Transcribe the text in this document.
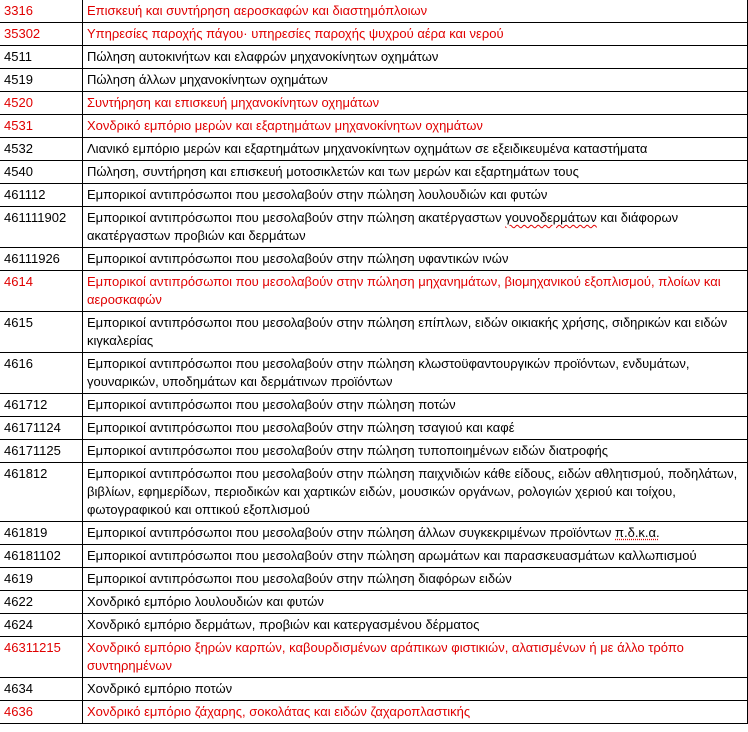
3316	Επισκευή και συντήρηση αεροσκαφών και διαστημόπλοιων
35302	Υπηρεσίες παροχής πάγου· υπηρεσίες παροχής ψυχρού αέρα και νερού
4511	Πώληση αυτοκινήτων και ελαφρών μηχανοκίνητων οχημάτων
4519	Πώληση άλλων μηχανοκίνητων οχημάτων
4520	Συντήρηση και επισκευή μηχανοκίνητων οχημάτων
4531	Χονδρικό εμπόριο μερών και εξαρτημάτων μηχανοκίνητων οχημάτων
4532	Λιανικό εμπόριο μερών και εξαρτημάτων μηχανοκίνητων οχημάτων σε εξειδικευμένα καταστήματα
4540	Πώληση, συντήρηση και επισκευή μοτοσικλετών και των μερών και εξαρτημάτων τους
461112	Εμπορικοί αντιπρόσωποι που μεσολαβούν στην πώληση λουλουδιών και φυτών
461111902	Εμπορικοί αντιπρόσωποι που μεσολαβούν στην πώληση ακατέργαστων γουνοδερμάτων και διάφορων ακατέργαστων προβιών και δερμάτων
46111926	Εμπορικοί αντιπρόσωποι που μεσολαβούν στην πώληση υφαντικών ινών
4614	Εμπορικοί αντιπρόσωποι που μεσολαβούν στην πώληση μηχανημάτων, βιομηχανικού εξοπλισμού, πλοίων και αεροσκαφών
4615	Εμπορικοί αντιπρόσωποι που μεσολαβούν στην πώληση επίπλων, ειδών οικιακής χρήσης, σιδηρικών και ειδών κιγκαλερίας
4616	Εμπορικοί αντιπρόσωποι που μεσολαβούν στην πώληση κλωστοϋφαντουργικών προϊόντων, ενδυμάτων, γουναρικών, υποδημάτων και δερμάτινων προϊόντων
461712	Εμπορικοί αντιπρόσωποι που μεσολαβούν στην πώληση ποτών
46171124	Εμπορικοί αντιπρόσωποι που μεσολαβούν στην πώληση τσαγιού και καφέ
46171125	Εμπορικοί αντιπρόσωποι που μεσολαβούν στην πώληση τυποποιημένων ειδών διατροφής
461812	Εμπορικοί αντιπρόσωποι που μεσολαβούν στην πώληση παιχνιδιών κάθε είδους, ειδών αθλητισμού, ποδηλάτων, βιβλίων, εφημερίδων, περιοδικών και χαρτικών ειδών, μουσικών οργάνων, ρολογιών χεριού και τοίχου, φωτογραφικού και οπτικού εξοπλισμού
461819	Εμπορικοί αντιπρόσωποι που μεσολαβούν στην πώληση άλλων συγκεκριμένων προϊόντων π.δ.κ.α.
46181102	Εμπορικοί αντιπρόσωποι που μεσολαβούν στην πώληση αρωμάτων και παρασκευασμάτων καλλωπισμού
4619	Εμπορικοί αντιπρόσωποι που μεσολαβούν στην πώληση διαφόρων ειδών
4622	Χονδρικό εμπόριο λουλουδιών και φυτών
4624	Χονδρικό εμπόριο δερμάτων, προβιών και κατεργασμένου δέρματος
46311215	Χονδρικό εμπόριο ξηρών καρπών, καβουρδισμένων αράπικων φιστικιών, αλατισμένων ή με άλλο τρόπο συντηρημένων
4634	Χονδρικό εμπόριο ποτών
4636	Χονδρικό εμπόριο ζάχαρης, σοκολάτας και ειδών ζαχαροπλαστικής
